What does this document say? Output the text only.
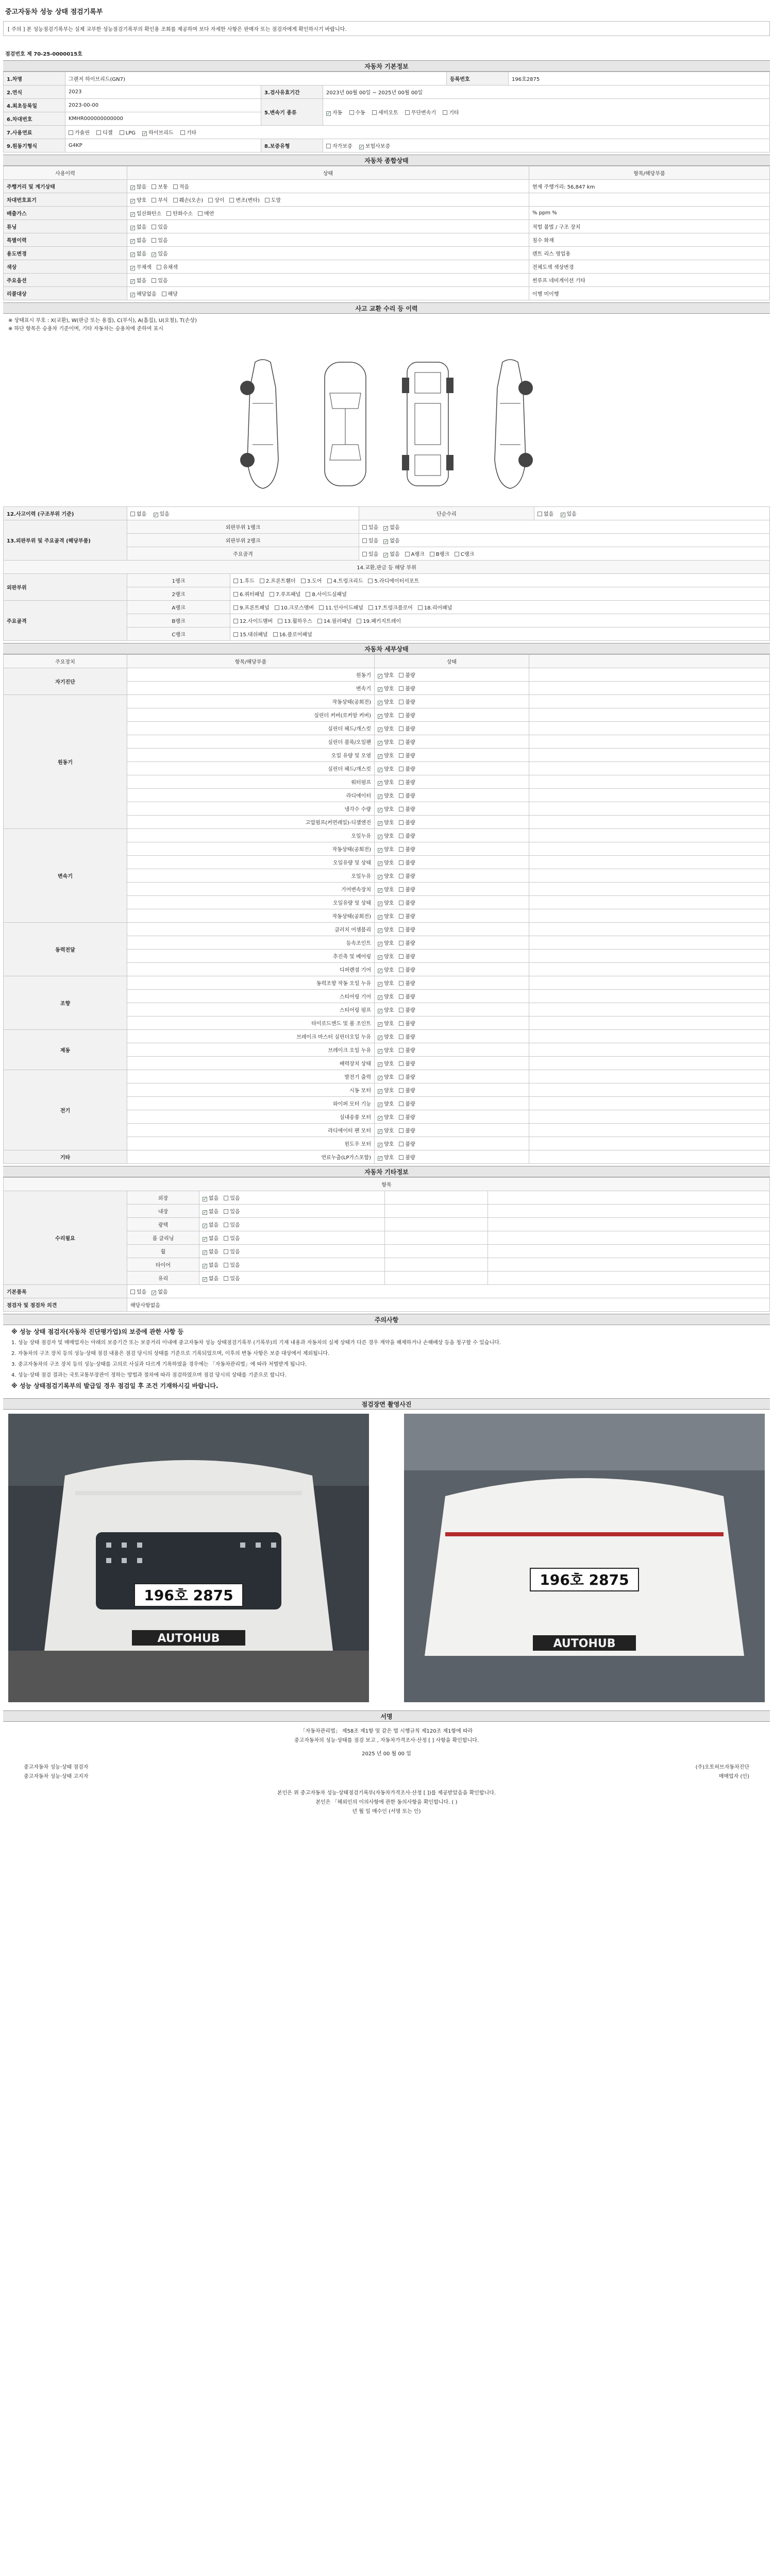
중고자동차 성능 상태 점검기록부
[ 주의 ] 본 성능점검기록부는 실제 교부한 성능점검기록부의 확인용 조회를 제공하며 보다 자세한 사항은 판매자 또는 점검자에게 확인하시기 바랍니다.
점검번호 제 70-25-0000015호
자동차 기본정보
1.차명	그랜저 하이브리드(GN7)			등록번호	196호2875
2.연식	2023	3.검사유효기간	2023년 00월 00일 ~ 2025년 00월 00일		
4.최초등록일	2023-00-00	5.변속기 종류	✓자동 수동 세미오토 무단변속기 기타
6.차대번호	KMHR000000000000				
7.사용연료	가솔린 디젤 LPG ✓ 하이브리드 기타
9.원동기형식	G4KP	8.보증유형	자가보증 ✓ 보험사보증
자동차 종합상태
사용이력	상태	항목/해당부품
주행거리 및 계기상태	✓많음 보통 적음	현재 주행거리: 56,847 km
차대번호표기	✓양호 부식 훼손(오손) 상이 변조(변타) 도말	
배출가스	✓일산화탄소 탄화수소 매연	% ppm %
튜닝	✓없음 있음	적법 불법 / 구조 장치
특별이력	✓없음 있음	침수 화재
용도변경	✓없음 ✓ 있음	렌트 리스 영업용
색상	✓무채색 유채색	전체도색 색상변경
주요옵션	✓없음 있음	썬루프 네비게이션 기타
리콜대상	✓해당없음 해당	이행 미이행
사고 교환 수리 등 이력
※ 상태표시 부호 : X(교환), W(판금 또는 용접), C(부식), A(흠집), U(요철), T(손상)
※ 하단 항목은 승용차 기준이며, 기타 자동차는 승용차에 준하여 표시
12.사고이력 (구조부위 기준)	없음 ✓ 있음		단순수리	없음 ✓ 있음
13.외판부위 및 주요골격 (해당부품)	외판부위 1랭크		있음 ✓ 없음
	외판부위 2랭크		있음 ✓ 없음
	주요골격		있음 ✓ 없음 A랭크 B랭크 C랭크
14.교환,판금 등 해당 부위				
외판부위	1랭크	1.후드 2.프론트휀더 3.도어 4.트렁크리드 5.라디에이터서포트		
	2랭크	6.쿼터패널 7.루프패널 8.사이드실패널		
주요골격	A랭크	9.프론트패널 10.크로스멤버 11.인사이드패널 17.트렁크플로어 18.리어패널		
	B랭크	12.사이드멤버 13.휠하우스 14.필러패널 19.패키지트레이		
	C랭크	15.대쉬패널 16.플로어패널		
자동차 세부상태
주요장치	항목/해당부품	상태	
자기진단	원동기	✓양호 불량	
	변속기	✓양호 불량	
원동기	작동상태(공회전)	✓양호 불량	
	실린더 커버(로커암 커버)	✓양호 불량	
	실린더 헤드/개스킷	✓양호 불량	
	실린더 블록/오일팬	✓양호 불량	
	오일 유량 및 오염	✓양호 불량	
	실린더 헤드/개스킷	✓양호 불량	
	워터펌프	✓양호 불량	
	라디에이터	✓양호 불량	
	냉각수 수량	✓양호 불량	
	고압펌프(커먼레일)-디젤엔진	✓양호 불량	
변속기	오일누유	✓양호 불량	
	작동상태(공회전)	✓양호 불량	
	오일유량 및 상태	✓양호 불량	
	오일누유	✓양호 불량	
	기어변속장치	✓양호 불량	
	오일유량 및 상태	✓양호 불량	
	작동상태(공회전)	✓양호 불량	
동력전달	클러치 어셈블리	✓양호 불량	
	등속조인트	✓양호 불량	
	추진축 및 베어링	✓양호 불량	
	디퍼렌셜 기어	✓양호 불량	
조향	동력조향 작동 오일 누유	✓양호 불량	
	스티어링 기어	✓양호 불량	
	스티어링 펌프	✓양호 불량	
	타이로드엔드 및 볼 조인트	✓양호 불량	
제동	브레이크 마스터 실린더오일 누유	✓양호 불량	
	브레이크 오일 누유	✓양호 불량	
	배력장치 상태	✓양호 불량	
전기	발전기 출력	✓양호 불량	
	시동 모터	✓양호 불량	
	와이퍼 모터 기능	✓양호 불량	
	실내송풍 모터	✓양호 불량	
	라디에이터 팬 모터	✓양호 불량	
	윈도우 모터	✓양호 불량	
기타	연료누출(LP가스포함)	✓양호 불량	
자동차 기타정보
항목				
수리필요	외장	✓없음 있음		
	내장	✓없음 있음		
	광택	✓없음 있음		
	룸 클리닝	✓없음 있음		
	휠	✓없음 있음		
	타이어	✓없음 있음		
	유리	✓없음 있음		
기본품목	있음 ✓ 없음
점검자 및 점검차 의견	해당사항없음			
주의사항

※ 성능 상태 점검자(자동차 진단평가업)의 보증에 관한 사항 등

1. 성능 상태 점검자 및 매매업자는 아래의 보증기간 또는 보증거리 이내에 중고자동차 성능 상태점검기록부 (기록부)의 기재 내용과 자동차의 실제 상태가 다른 경우 계약을 해제하거나 손해배상 등을 청구할 수 있습니다.

2. 자동차의 구조 장치 등의 성능·상태 점검 내용은 점검 당시의 상태를 기준으로 기록되었으며, 이후의 변동 사항은 보증 대상에서 제외됩니다.

3. 중고자동차의 구조 장치 등의 성능·상태를 고의로 사실과 다르게 기록하였을 경우에는 「자동차관리법」에 따라 처벌받게 됩니다.

4. 성능·상태 점검 결과는 국토교통부장관이 정하는 방법과 절차에 따라 점검하였으며 점검 당시의 상태를 기준으로 합니다.

※ 성능 상태점검기록부의 발급일 경우 점검일 후 조건 기재하시길 바랍니다.

점검장면 촬영사진
196호 2875
AUTOHUB
196호 2875
AUTOHUB
서명
「자동차관리법」 제58조 제1항 및 같은 법 시행규칙 제120조 제1항에 따라
중고자동차의 성능·상태를 점검 보고 , 자동차가격조사·산정 [ ] 사항을 확인합니다.
2025 년 00 월 00 일
중고자동차 성능·상태 점검자	(주)오토허브자동차진단
중고자동차 성능·상태 고지자	매매업자 (인)
본인은 위 중고자동차 성능·상태점검기록부(자동차가격조사·산정 [ ])를 제공받았음을 확인합니다.
본인은 「해외인의 이의사항에 관한 동의사항을 확인합니다. ( )
년 월 일 매수인 (서명 또는 인)
